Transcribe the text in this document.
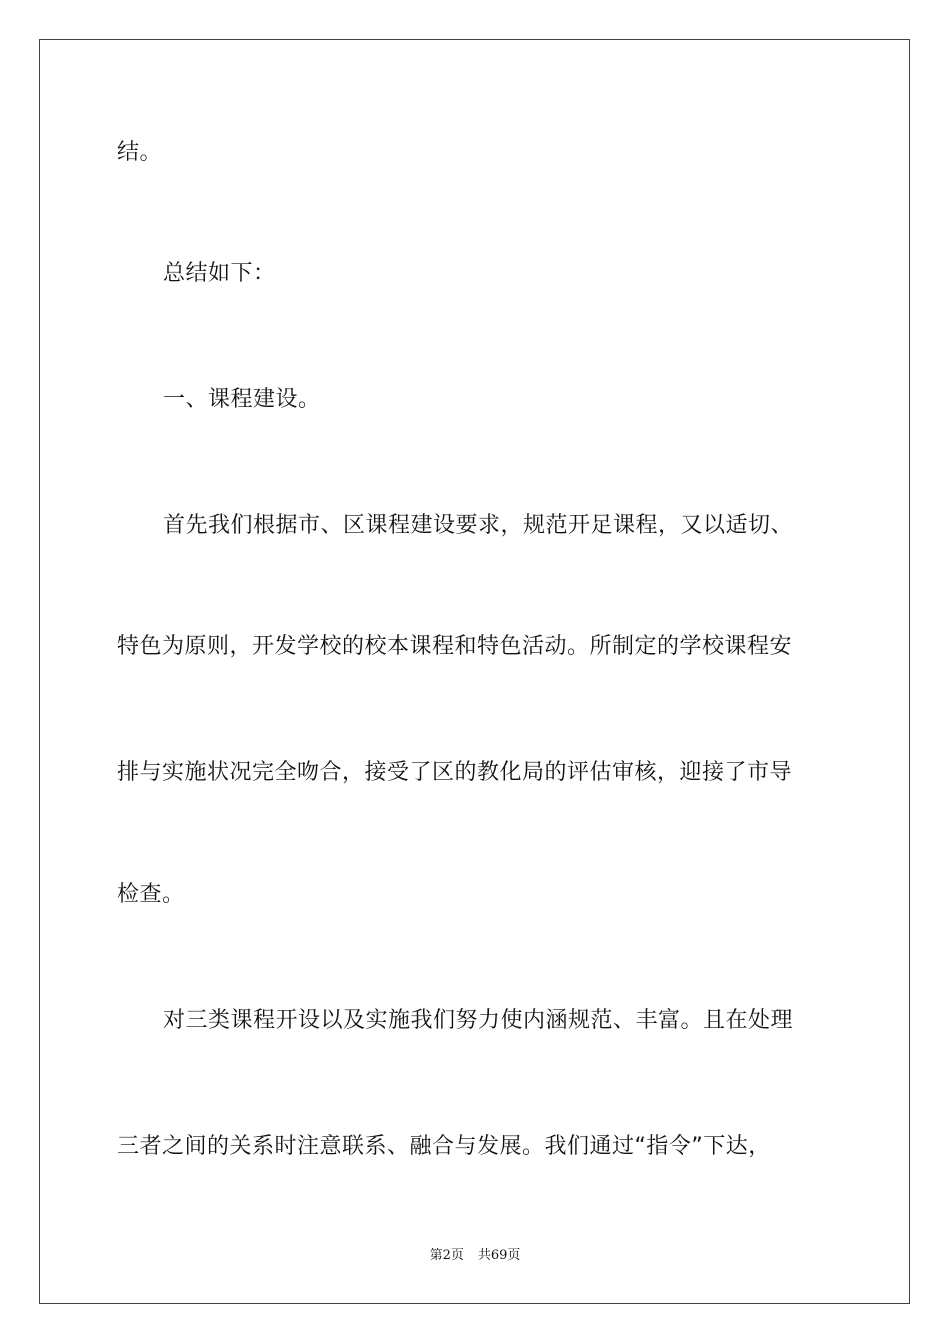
结。
总结如下：
一、课程建设。
首先我们根据市、区课程建设要求，规范开足课程，又以适切、
特色为原则，开发学校的校本课程和特色活动。所制定的学校课程安
排与实施状况完全吻合，接受了区的教化局的评估审核，迎接了市导
检查。
对三类课程开设以及实施我们努力使内涵规范、丰富。且在处理
三者之间的关系时注意联系、融合与发展。我们通过“指令”下达，
第2页 共69页
